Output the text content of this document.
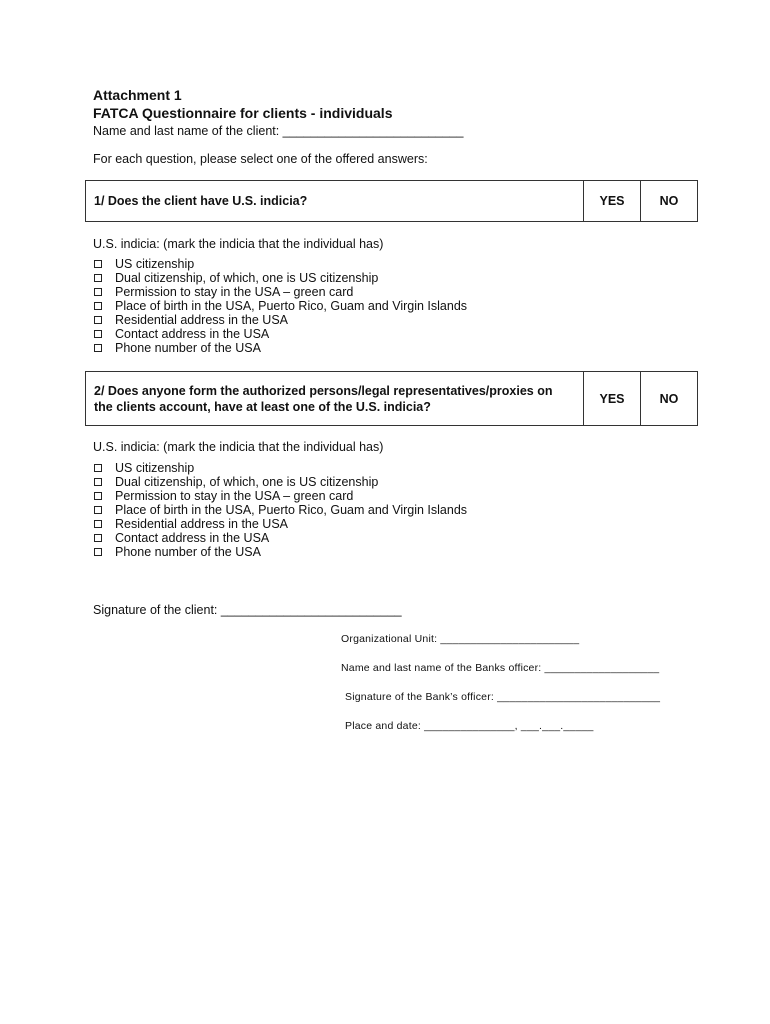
Attachment 1
FATCA Questionnaire for clients - individuals
Name and last name of the client: __________________________
For each question, please select one of the offered answers:
1/ Does the client have U.S. indicia?	YES	NO
U.S. indicia: (mark the indicia that the individual has)
US citizenship
Dual citizenship, of which, one is US citizenship
Permission to stay in the USA – green card
Place of birth in the USA, Puerto Rico, Guam and Virgin Islands
Residential address in the USA
Contact address in the USA
Phone number of the USA
2/ Does anyone form the authorized persons/legal representatives/proxies on
the clients account, have at least one of the U.S. indicia?
YES	NO
U.S. indicia: (mark the indicia that the individual has)
US citizenship
Dual citizenship, of which, one is US citizenship
Permission to stay in the USA – green card
Place of birth in the USA, Puerto Rico, Guam and Virgin Islands
Residential address in the USA
Contact address in the USA
Phone number of the USA
Signature of the client: __________________________
Organizational Unit: _______________________
Name and last name of the Banks officer: ___________________
Signature of the Bank’s officer: ___________________________
Place and date: _______________, ___.___._____
